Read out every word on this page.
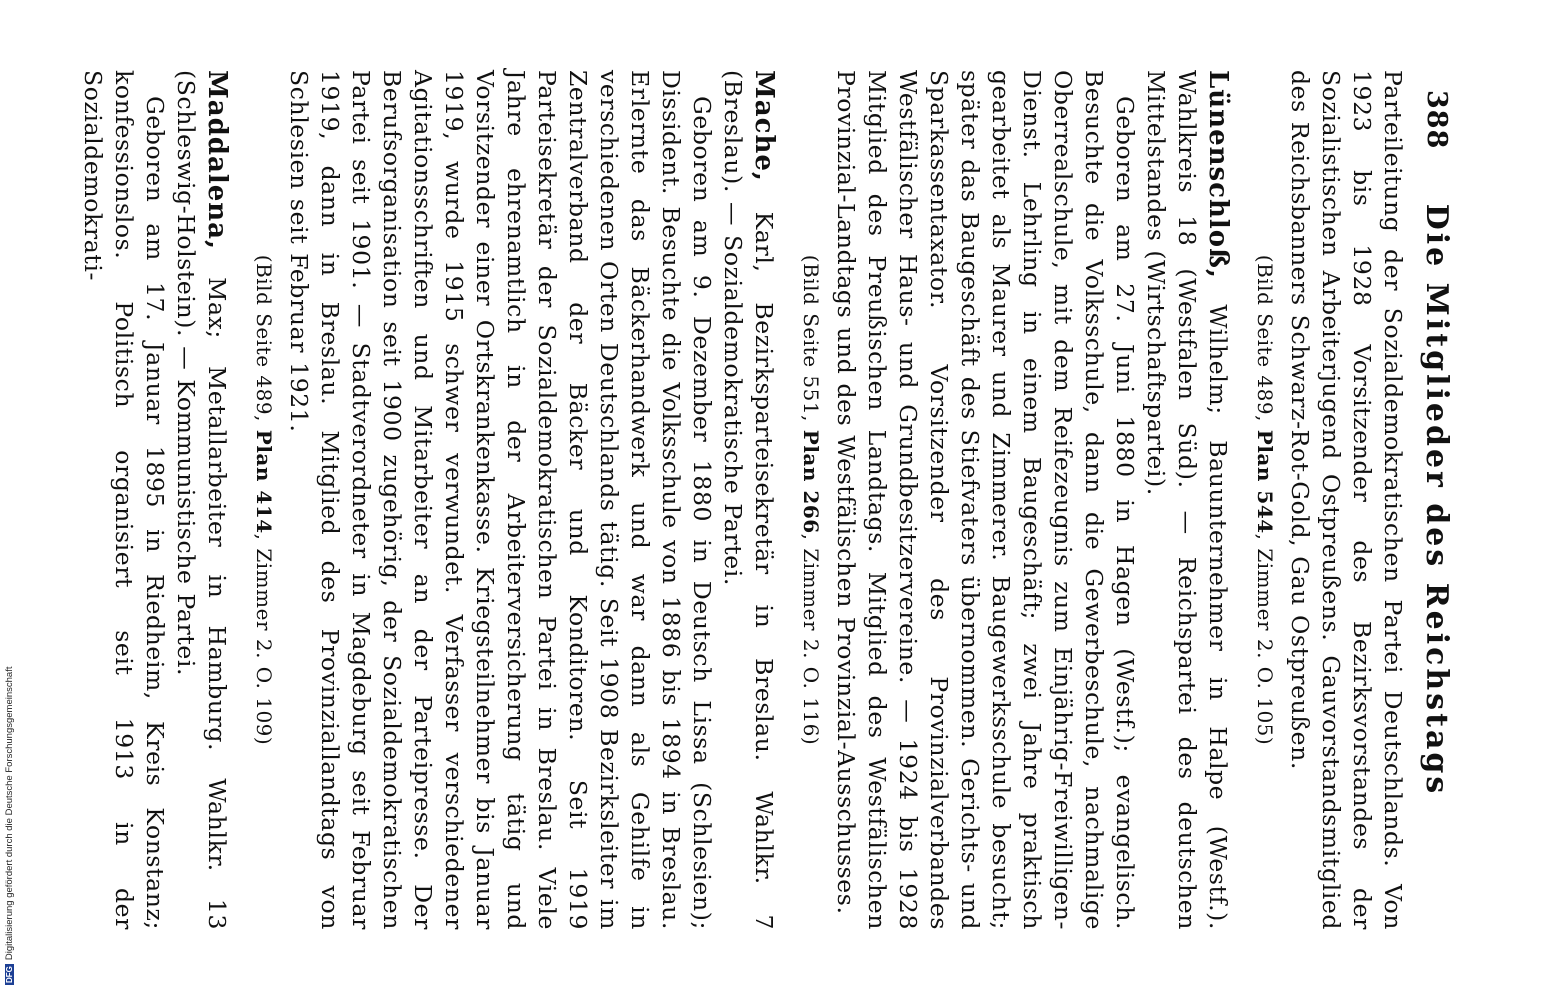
388
Die Mitglieder des Reichstags

Parteileitung der Sozialdemokratischen Partei Deutschlands. Von 1923 bis 1928 Vorsitzender des Bezirksvorstandes der Sozialistischen Arbeiterjugend Ostpreußens. Gauvorstandsmitglied des Reichsbanners Schwarz-Rot-Gold, Gau Ostpreußen.

(Bild Seite 489, Plan 544, Zimmer 2. O. 105)

Lünenschloß, Wilhelm; Bauunternehmer in Halpe (Westf.). Wahlkreis 18 (Westfalen Süd). — Reichspartei des deutschen Mittelstandes (Wirtschaftspartei).

Geboren am 27. Juni 1880 in Hagen (Westf.); evangelisch. Besuchte die Volksschule, dann die Gewerbeschule, nachmalige Oberrealschule, mit dem Reifezeugnis zum Einjährig-Freiwilligen-Dienst. Lehrling in einem Baugeschäft; zwei Jahre praktisch gearbeitet als Maurer und Zimmerer. Baugewerksschule besucht; später das Baugeschäft des Stiefvaters übernommen. Gerichts- und Sparkassentaxator. Vorsitzender des Provinzialverbandes Westfälischer Haus- und Grundbesitzervereine. — 1924 bis 1928 Mitglied des Preußischen Landtags. Mitglied des Westfälischen Provinzial-Landtags und des Westfälischen Provinzial-Ausschusses.

(Bild Seite 551, Plan 266, Zimmer 2. O. 116)

Mache, Karl, Bezirksparteisekretär in Breslau. Wahlkr. 7 (Breslau). — Sozialdemokratische Partei.

Geboren am 9. Dezember 1880 in Deutsch Lissa (Schlesien); Dissident. Besuchte die Volksschule von 1886 bis 1894 in Breslau. Erlernte das Bäckerhandwerk und war dann als Gehilfe in verschiedenen Orten Deutschlands tätig. Seit 1908 Bezirksleiter im Zentralverband der Bäcker und Konditoren. Seit 1919 Parteisekretär der Sozialdemokratischen Partei in Breslau. Viele Jahre ehrenamtlich in der Arbeiterversicherung tätig und Vorsitzender einer Ortskrankenkasse. Kriegsteilnehmer bis Januar 1919, wurde 1915 schwer verwundet. Verfasser verschiedener Agitationsschriften und Mitarbeiter an der Parteipresse. Der Berufsorganisation seit 1900 zugehörig, der Sozialdemokratischen Partei seit 1901. — Stadtverordneter in Magdeburg seit Februar 1919, dann in Breslau. Mitglied des Provinziallandtags von Schlesien seit Februar 1921.

(Bild Seite 489, Plan 414, Zimmer 2. O. 109)

Maddalena, Max; Metallarbeiter in Hamburg. Wahlkr. 13 (Schleswig-Holstein). — Kommunistische Partei.

Geboren am 17. Januar 1895 in Riedheim, Kreis Konstanz; konfessionslos. Politisch organisiert seit 1913 in der Sozialdemokrati-

DFG
Digitalisierung gefördert durch die Deutsche Forschungsgemeinschaft
